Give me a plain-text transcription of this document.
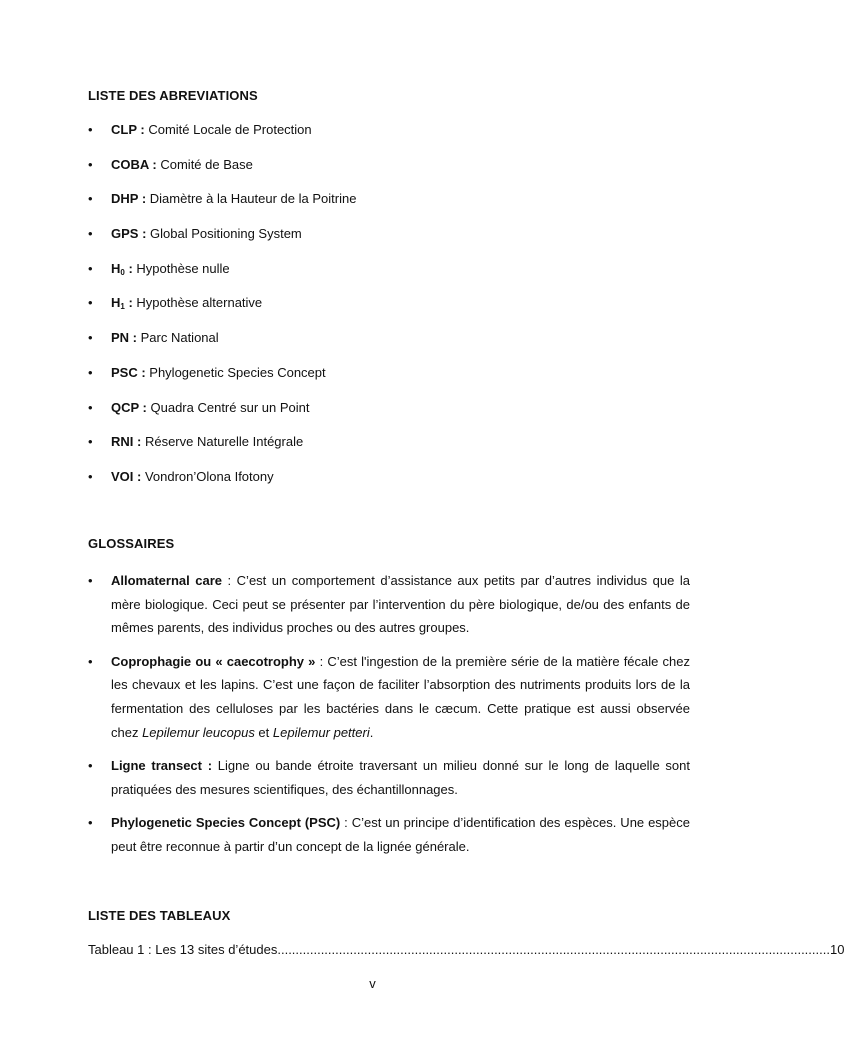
LISTE DES ABREVIATIONS
• CLP : Comité Locale de Protection
• COBA : Comité de Base
• DHP : Diamètre à la Hauteur de la Poitrine
• GPS : Global Positioning System
• $H_0$ : Hypothèse nulle
• $H_1$ : Hypothèse alternative
• PN : Parc National
• PSC : Phylogenetic Species Concept
• QCP : Quadra Centré sur un Point
• RNI : Réserve Naturelle Intégrale
• VOI : Vondron’Olona Ifotony
GLOSSAIRES
• Allomaternal care : C’est un comportement d’assistance aux petits par d’autres individus que la mère biologique. Ceci peut se présenter par l’intervention du père biologique, de/ou des enfants de mêmes parents, des individus proches ou des autres groupes.
• Coprophagie ou « caecotrophy » : C’est l'ingestion de la première série de la matière fécale chez les chevaux et les lapins. C’est une façon de faciliter l’absorption des nutriments produits lors de la fermentation des celluloses par les bactéries dans le cæcum. Cette pratique est aussi observée chez Lepilemur leucopus et Lepilemur petteri.
• Ligne transect : Ligne ou bande étroite traversant un milieu donné sur le long de laquelle sont pratiquées des mesures scientifiques, des échantillonnages.
• Phylogenetic Species Concept (PSC) : C’est un principe d’identification des espèces. Une espèce peut être reconnue à partir d’un concept de la lignée générale.
LISTE DES TABLEAUX
Tableau 1 : Les 13 sites d’études. ........................................................................................................................................................ 10
v
